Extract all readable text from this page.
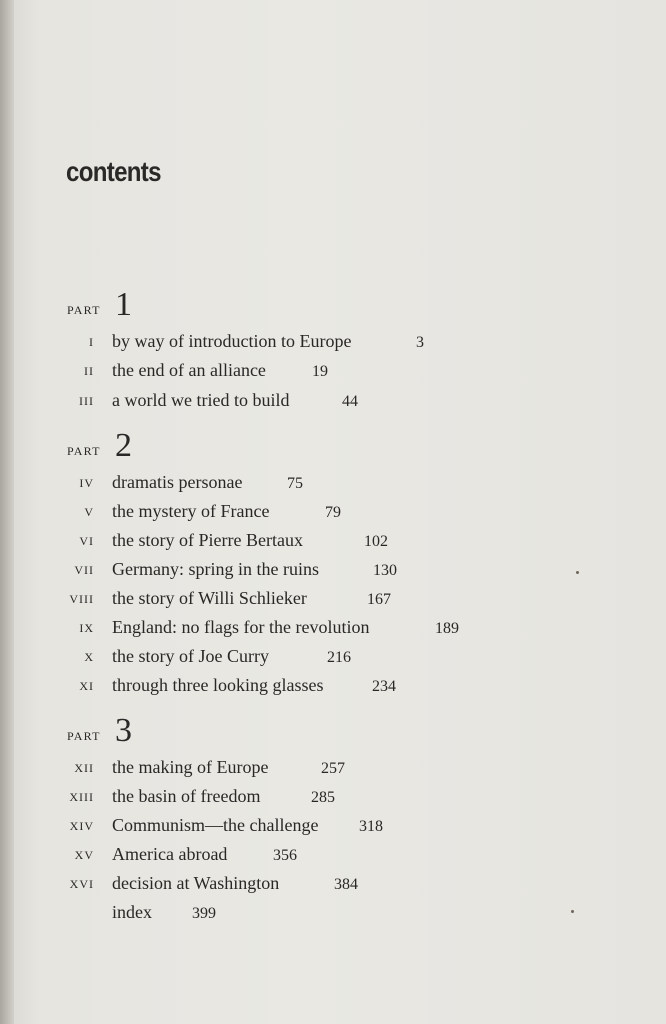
contents
PART 1
PART 2
PART 3
I by way of introduction to Europe	3
II the end of an alliance	19
III a world we tried to build	44
IV dramatis personae	75
V the mystery of France	79
VI the story of Pierre Bertaux	102
VII Germany: spring in the ruins	130
VIII the story of Willi Schlieker	167
IX England: no flags for the revolution	189
X the story of Joe Curry	216
XI through three looking glasses	234
XII the making of Europe	257
XIII the basin of freedom	285
XIV Communism—the challenge	318
XV America abroad	356
XVI decision at Washington	384
index	399
